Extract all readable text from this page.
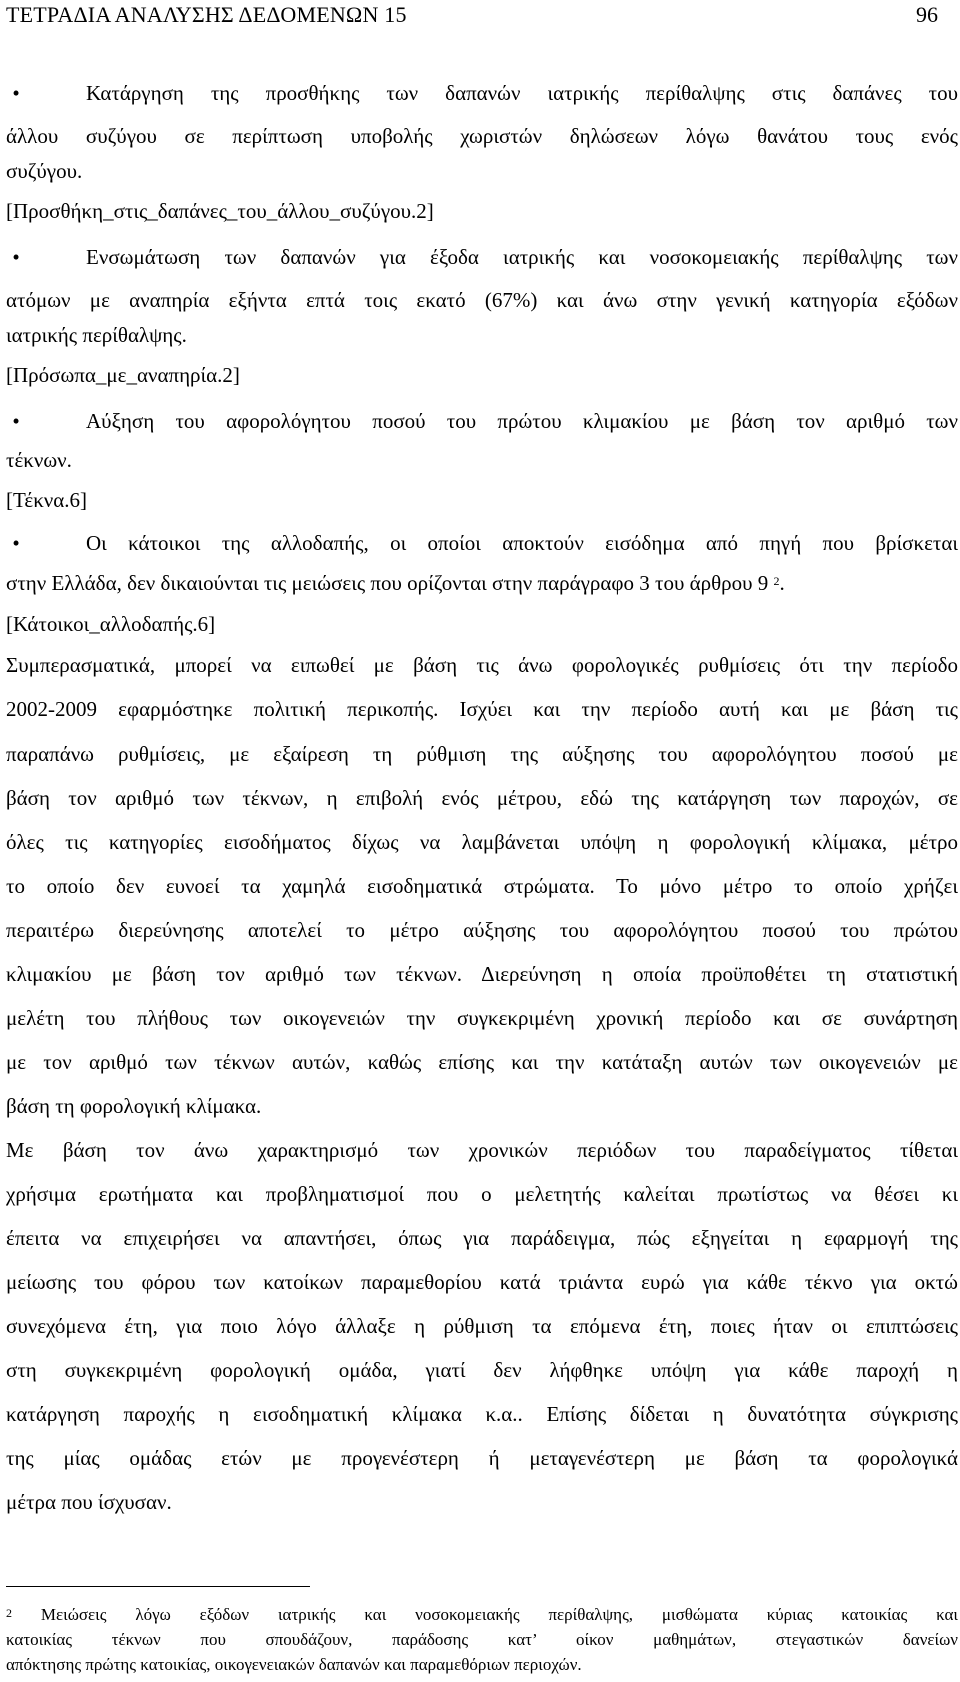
ΤΕΤΡΑΔΙΑ ΑΝΑΛΥΣΗΣ ΔΕΔΟΜΕΝΩΝ 15	96
•	Κατάργηση της προσθήκης των δαπανών ιατρικής περίθαλψης στις δαπάνες του
άλλου συζύγου σε περίπτωση υποβολής χωριστών δηλώσεων λόγω θανάτου τους ενός
συζύγου.
[Προσθήκη_στις_δαπάνες_του_άλλου_συζύγου.2]
•	Ενσωμάτωση των δαπανών για έξοδα ιατρικής και νοσοκομειακής περίθαλψης των
ατόμων με αναπηρία εξήντα επτά τοις εκατό (67%) και άνω στην γενική κατηγορία εξόδων
ιατρικής περίθαλψης.
[Πρόσωπα_με_αναπηρία.2]
•	Αύξηση του αφορολόγητου ποσού του πρώτου κλιμακίου με βάση τον αριθμό των
τέκνων.
[Τέκνα.6]
•	Οι κάτοικοι της αλλοδαπής, οι οποίοι αποκτούν εισόδημα από πηγή που βρίσκεται
στην Ελλάδα, δεν δικαιούνται τις μειώσεις που ορίζονται στην παράγραφο 3 του άρθρου 9 $^2$.
[Κάτοικοι_αλλοδαπής.6]
Συμπερασματικά, μπορεί να ειπωθεί με βάση τις άνω φορολογικές ρυθμίσεις ότι την περίοδο
2002-2009 εφαρμόστηκε πολιτική περικοπής. Ισχύει και την περίοδο αυτή και με βάση τις
παραπάνω ρυθμίσεις, με εξαίρεση τη ρύθμιση της αύξησης του αφορολόγητου ποσού με
βάση τον αριθμό των τέκνων, η επιβολή ενός μέτρου, εδώ της κατάργηση των παροχών, σε
όλες τις κατηγορίες εισοδήματος δίχως να λαμβάνεται υπόψη η φορολογική κλίμακα, μέτρο
το οποίο δεν ευνοεί τα χαμηλά εισοδηματικά στρώματα. Το μόνο μέτρο το οποίο χρήζει
περαιτέρω διερεύνησης αποτελεί το μέτρο αύξησης του αφορολόγητου ποσού του πρώτου
κλιμακίου με βάση τον αριθμό των τέκνων. Διερεύνηση η οποία προϋποθέτει τη στατιστική
μελέτη του πλήθους των οικογενειών την συγκεκριμένη χρονική περίοδο και σε συνάρτηση
με τον αριθμό των τέκνων αυτών, καθώς επίσης και την κατάταξη αυτών των οικογενειών με
βάση τη φορολογική κλίμακα.
Με βάση τον άνω χαρακτηρισμό των χρονικών περιόδων του παραδείγματος τίθεται
χρήσιμα ερωτήματα και προβληματισμοί που ο μελετητής καλείται πρωτίστως να θέσει κι
έπειτα να επιχειρήσει να απαντήσει, όπως για παράδειγμα, πώς εξηγείται η εφαρμογή της
μείωσης του φόρου των κατοίκων παραμεθορίου κατά τριάντα ευρώ για κάθε τέκνο για οκτώ
συνεχόμενα έτη, για ποιο λόγο άλλαξε η ρύθμιση τα επόμενα έτη, ποιες ήταν οι επιπτώσεις
στη συγκεκριμένη φορολογική ομάδα, γιατί δεν λήφθηκε υπόψη για κάθε παροχή η
κατάργηση παροχής η εισοδηματική κλίμακα κ.α.. Επίσης δίδεται η δυνατότητα σύγκρισης
της μίας ομάδας ετών με προγενέστερη ή μεταγενέστερη με βάση τα φορολογικά
μέτρα που ίσχυσαν.
$^2$ Μειώσεις λόγω εξόδων ιατρικής και νοσοκομειακής περίθαλψης, μισθώματα κύριας κατοικίας και
κατοικίας τέκνων που σπουδάζουν, παράδοσης κατ’ οίκον μαθημάτων, στεγαστικών δανείων
απόκτησης πρώτης κατοικίας, οικογενειακών δαπανών και παραμεθόριων περιοχών.
